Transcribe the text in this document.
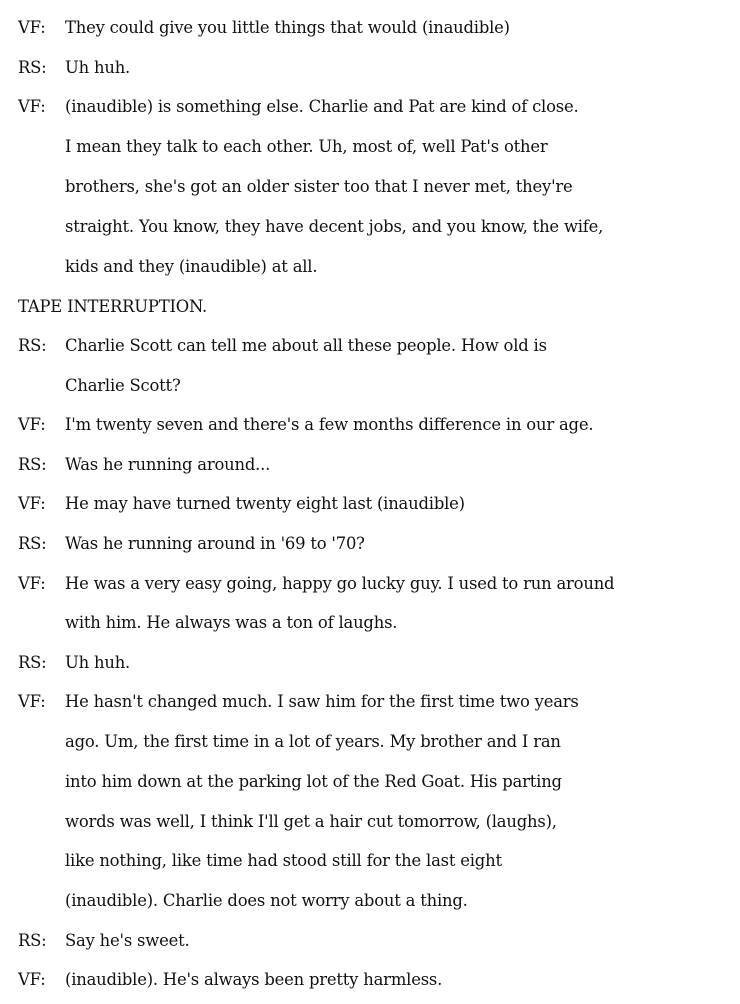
VF: They could give you little things that would (inaudible)
RS: Uh huh.
VF: (inaudible) is something else. Charlie and Pat are kind of close.
I mean they talk to each other. Uh, most of, well Pat's other
brothers, she's got an older sister too that I never met, they're
straight. You know, they have decent jobs, and you know, the wife,
kids and they (inaudible) at all.
TAPE INTERRUPTION.
RS: Charlie Scott can tell me about all these people. How old is
Charlie Scott?
VF: I'm twenty seven and there's a few months difference in our age.
RS: Was he running around...
VF: He may have turned twenty eight last (inaudible)
RS: Was he running around in '69 to '70?
VF: He was a very easy going, happy go lucky guy. I used to run around
with him. He always was a ton of laughs.
RS: Uh huh.
VF: He hasn't changed much. I saw him for the first time two years
ago. Um, the first time in a lot of years. My brother and I ran
into him down at the parking lot of the Red Goat. His parting
words was well, I think I'll get a hair cut tomorrow, (laughs),
like nothing, like time had stood still for the last eight
(inaudible). Charlie does not worry about a thing.
RS: Say he's sweet.
VF: (inaudible). He's always been pretty harmless.
